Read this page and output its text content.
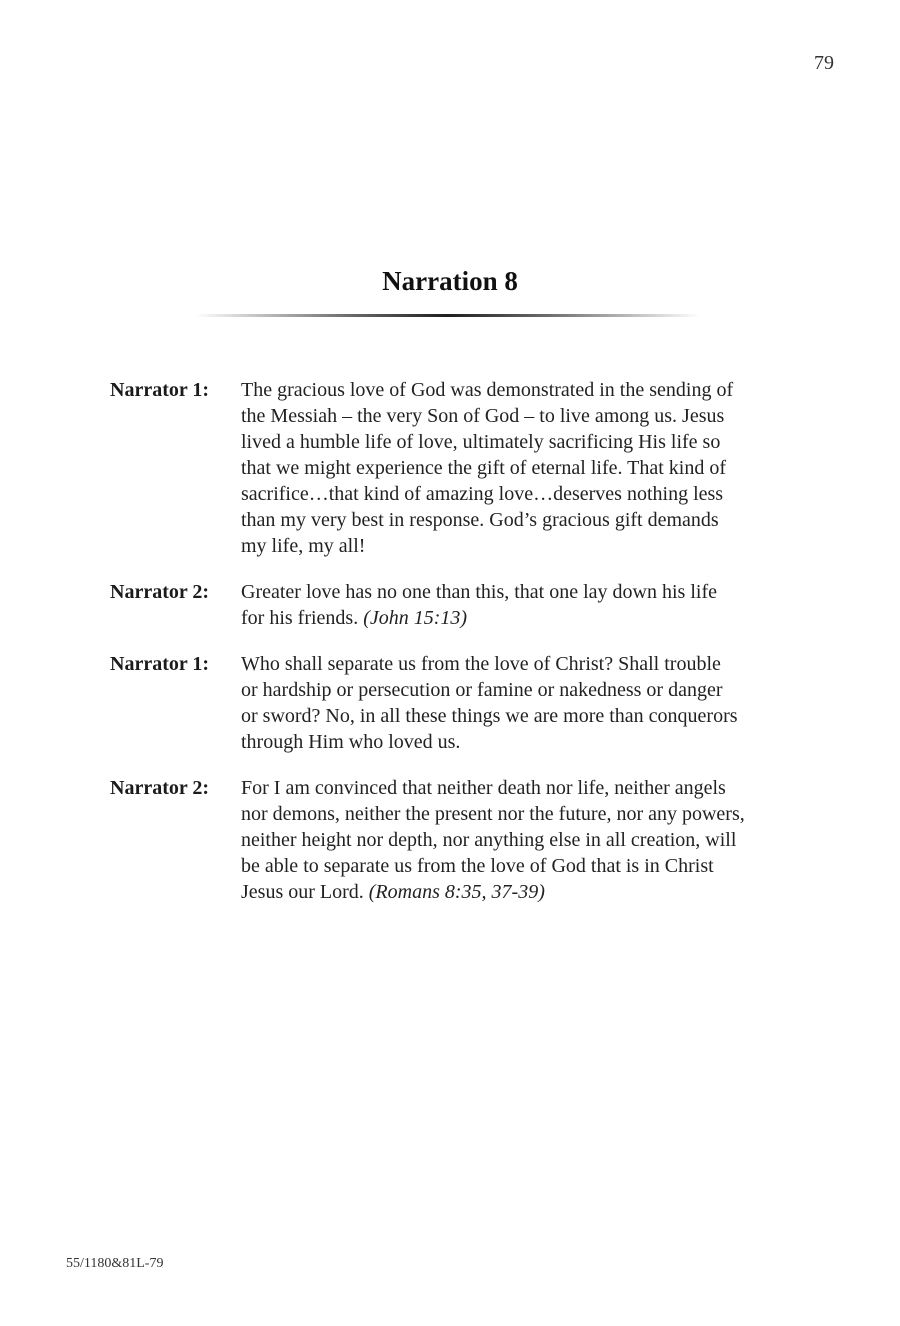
79
Narration 8
Narrator 1:	The gracious love of God was demonstrated in the sending of
the Messiah – the very Son of God – to live among us. Jesus
lived a humble life of love, ultimately sacrificing His life so
that we might experience the gift of eternal life. That kind of
sacrifice…that kind of amazing love…deserves nothing less
than my very best in response. God’s gracious gift demands
my life, my all!
Narrator 2:	Greater love has no one than this, that one lay down his life
for his friends. (John 15:13)
Narrator 1:	Who shall separate us from the love of Christ? Shall trouble
or hardship or persecution or famine or nakedness or danger
or sword? No, in all these things we are more than conquerors
through Him who loved us.
Narrator 2:	For I am convinced that neither death nor life, neither angels
nor demons, neither the present nor the future, nor any powers,
neither height nor depth, nor anything else in all creation, will
be able to separate us from the love of God that is in Christ
Jesus our Lord. (Romans 8:35, 37-39)
55/1180&81L-79
